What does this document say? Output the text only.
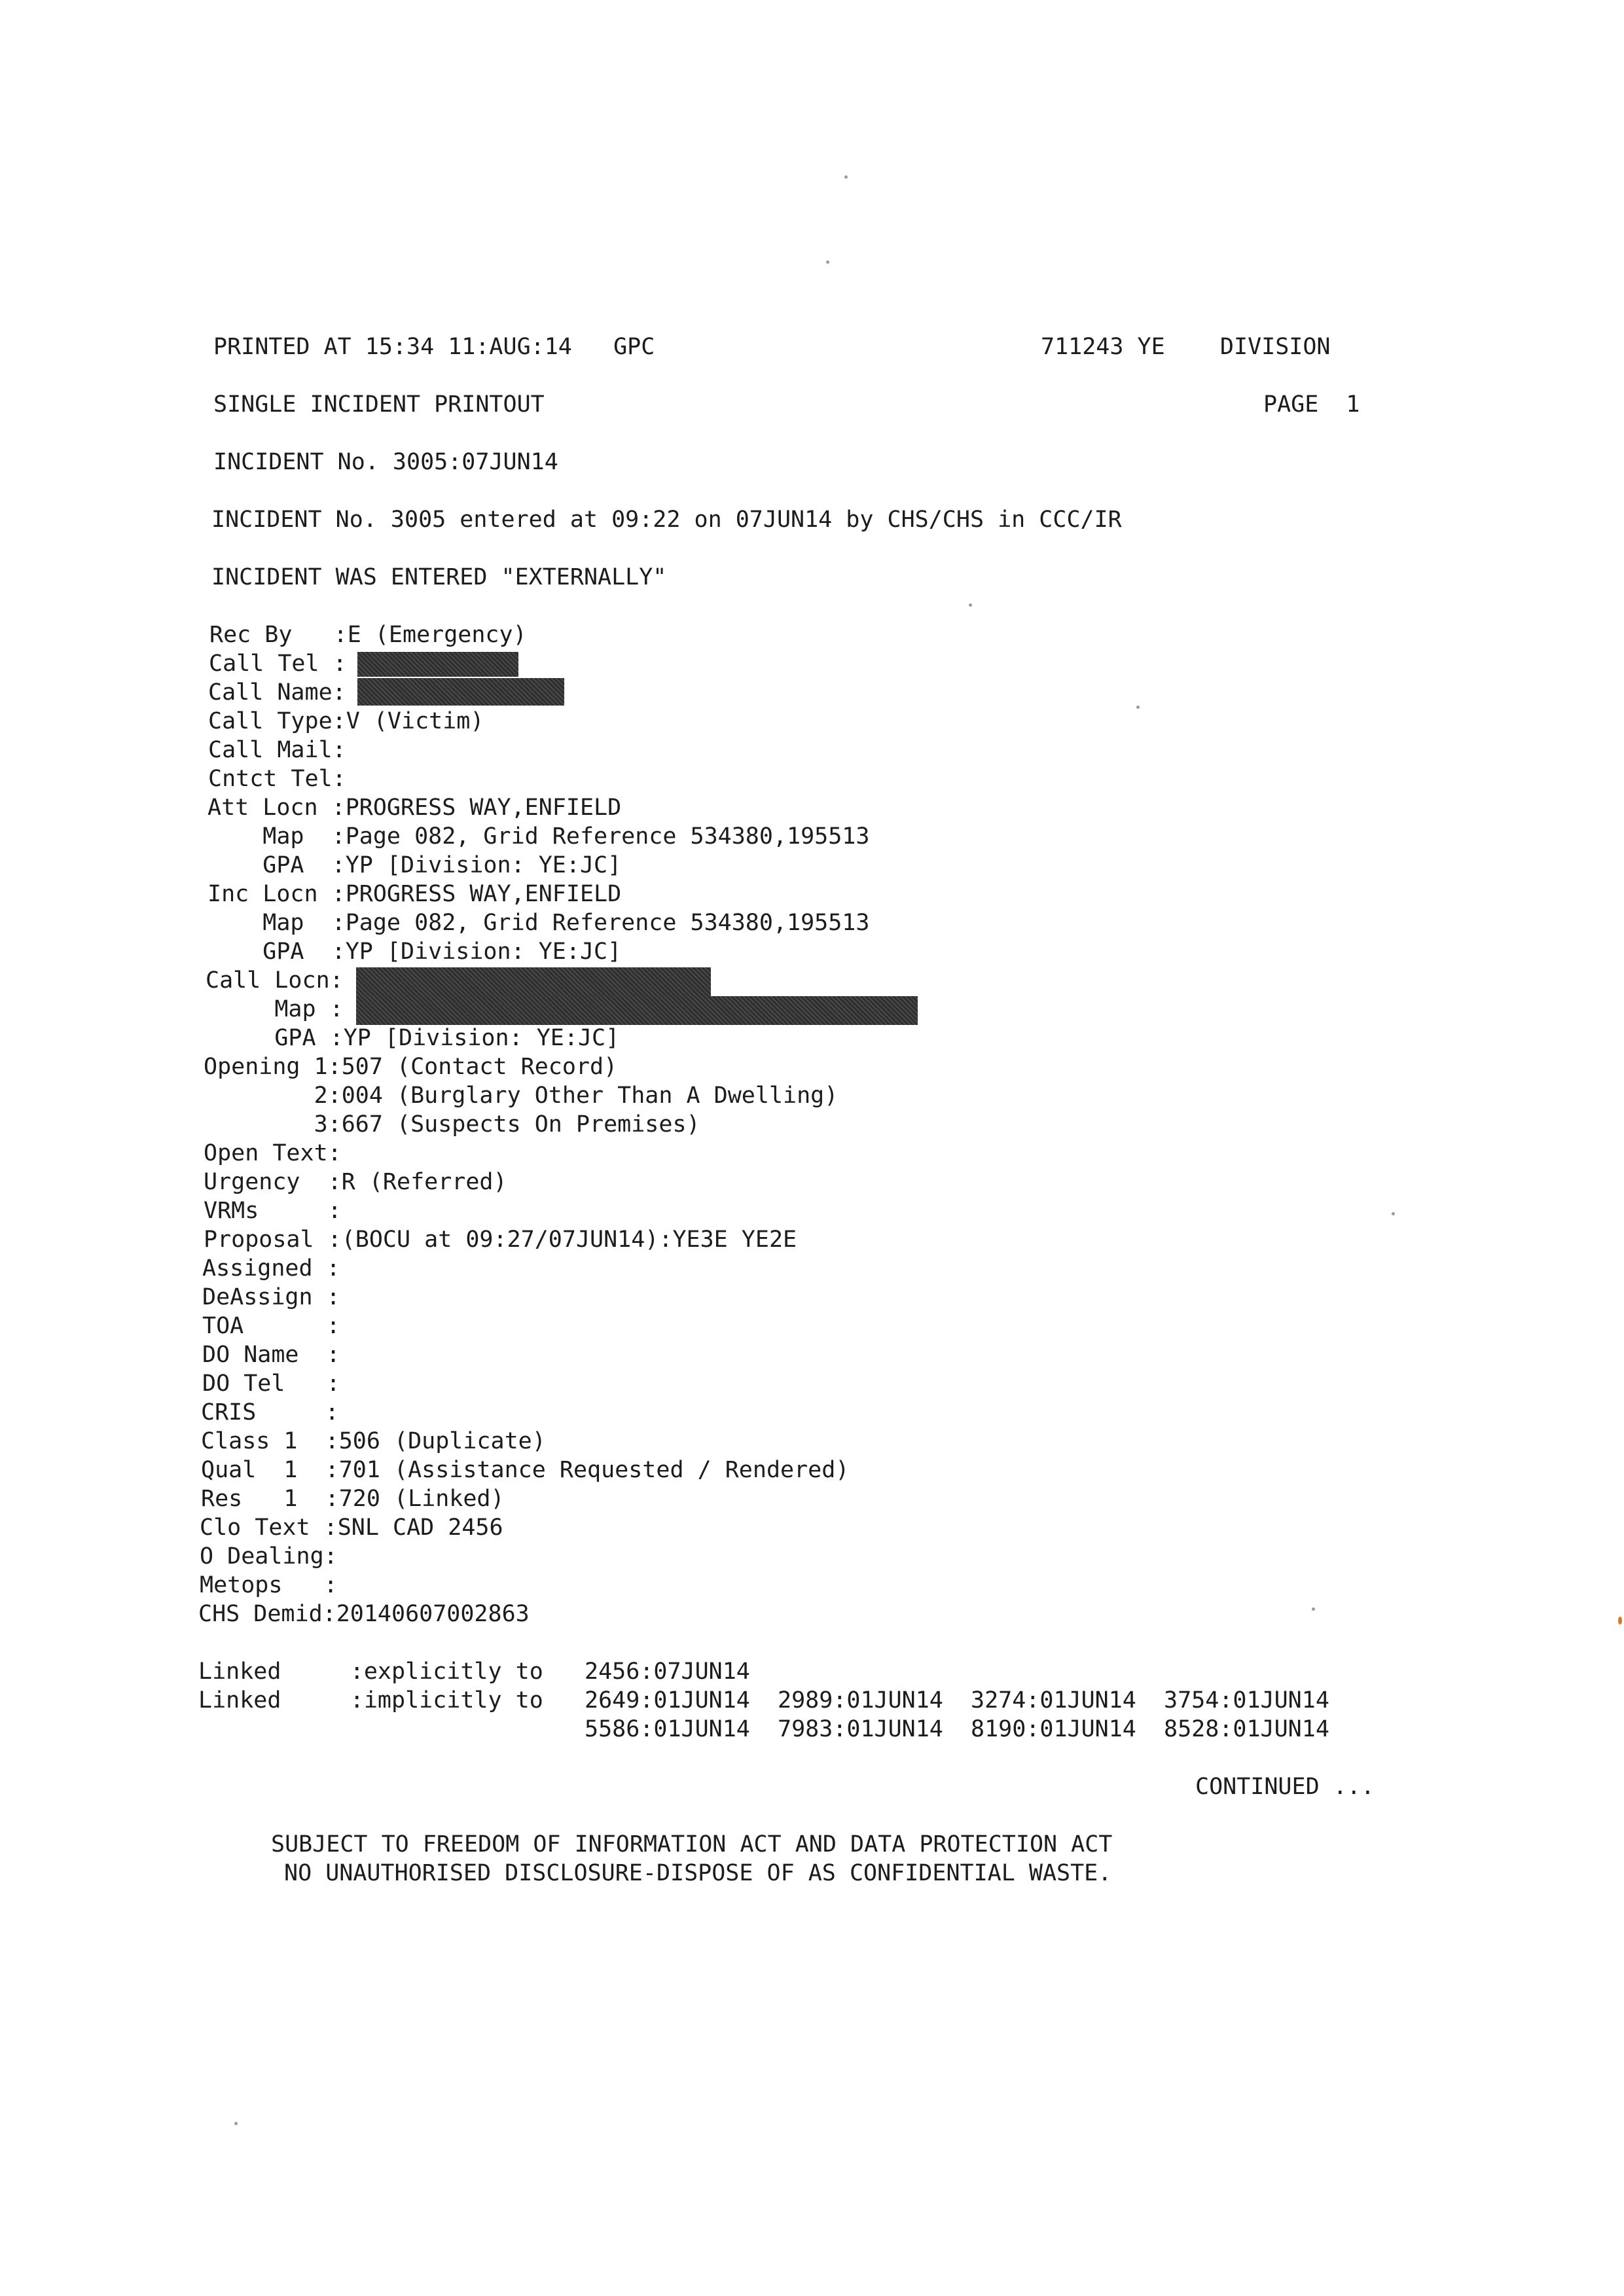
PRINTED AT 15:34 11:AUG:14   GPC	711243 YE    DIVISION
SINGLE INCIDENT PRINTOUT	PAGE  1
INCIDENT No. 3005:07JUN14
INCIDENT No. 3005 entered at 09:22 on 07JUN14 by CHS/CHS in CCC/IR
INCIDENT WAS ENTERED "EXTERNALLY"
Rec By   :E (Emergency)
Call Tel :
Call Name:
Call Type:V (Victim)
Call Mail:
Cntct Tel:
Att Locn :PROGRESS WAY,ENFIELD
Map  :Page 082, Grid Reference 534380,195513
GPA  :YP [Division: YE:JC]
Inc Locn :PROGRESS WAY,ENFIELD
Map  :Page 082, Grid Reference 534380,195513
GPA  :YP [Division: YE:JC]
Call Locn:
Map :
GPA :YP [Division: YE:JC]
Opening 1:507 (Contact Record)
2:004 (Burglary Other Than A Dwelling)
3:667 (Suspects On Premises)
Open Text:
Urgency  :R (Referred)
VRMs     :
Proposal :(BOCU at 09:27/07JUN14):YE3E YE2E
Assigned :
DeAssign :
TOA      :
DO Name  :
DO Tel   :
CRIS     :
Class 1  :506 (Duplicate)
Qual  1  :701 (Assistance Requested / Rendered)
Res   1  :720 (Linked)
Clo Text :SNL CAD 2456
O Dealing:
Metops   :
CHS Demid:20140607002863
Linked     :explicitly to   2456:07JUN14
Linked     :implicitly to   2649:01JUN14  2989:01JUN14  3274:01JUN14  3754:01JUN14
5586:01JUN14  7983:01JUN14  8190:01JUN14  8528:01JUN14
CONTINUED ...
SUBJECT TO FREEDOM OF INFORMATION ACT AND DATA PROTECTION ACT
NO UNAUTHORISED DISCLOSURE-DISPOSE OF AS CONFIDENTIAL WASTE.
